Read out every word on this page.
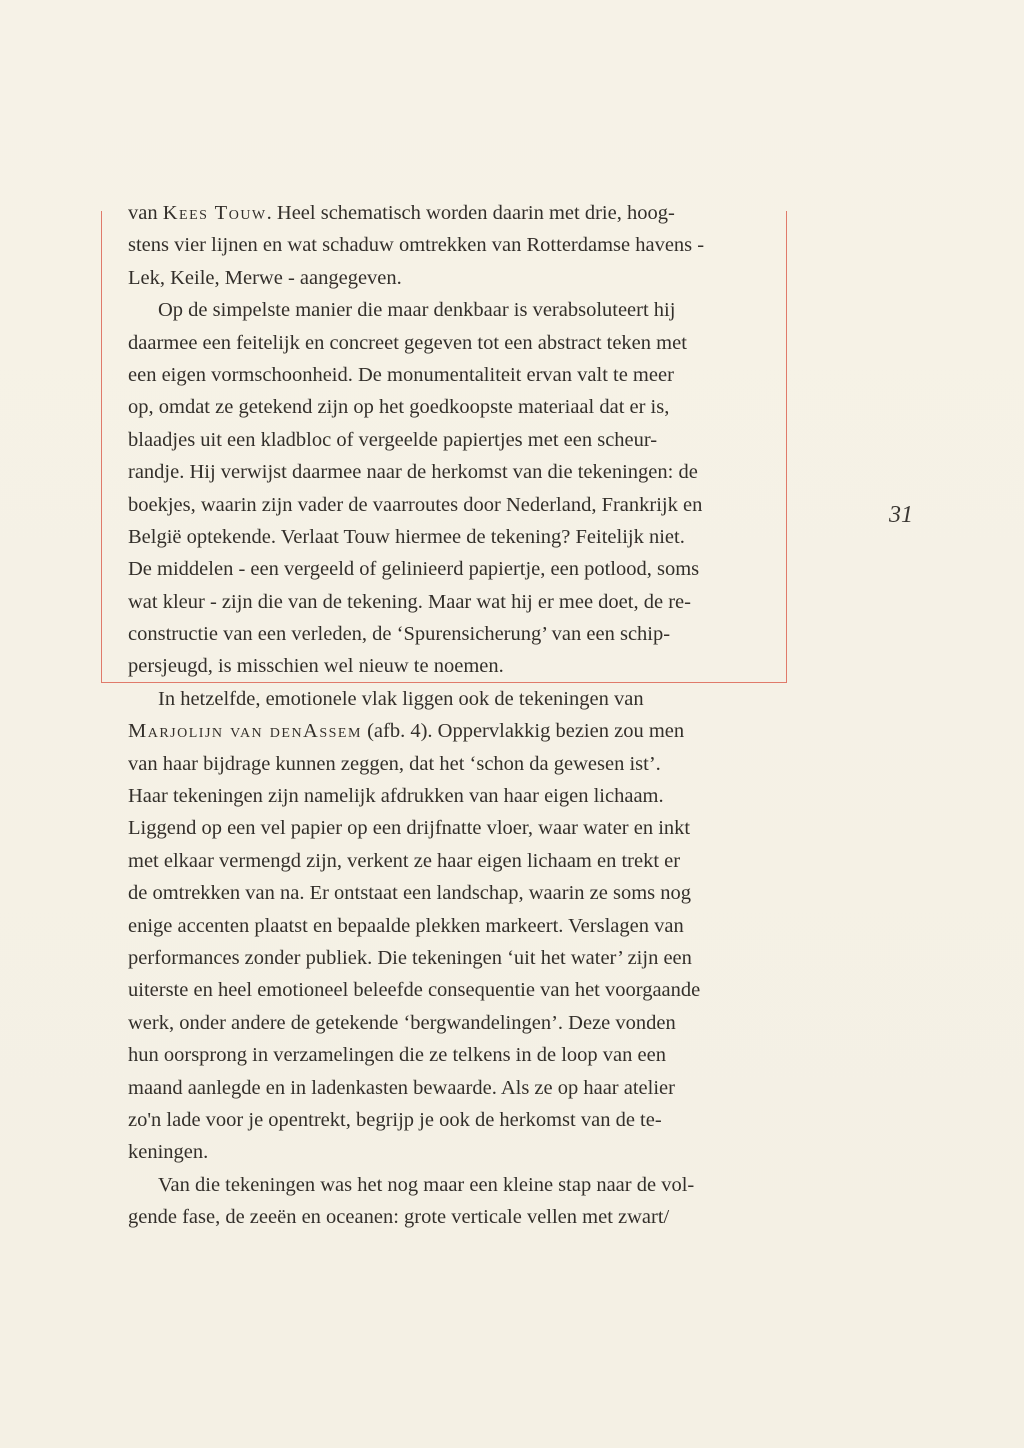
van Kees Touw. Heel schematisch worden daarin met drie, hoog-
stens vier lijnen en wat schaduw omtrekken van Rotterdamse havens -
Lek, Keile, Merwe - aangegeven.
Op de simpelste manier die maar denkbaar is verabsoluteert hij
daarmee een feitelijk en concreet gegeven tot een abstract teken met
een eigen vormschoonheid. De monumentaliteit ervan valt te meer
op, omdat ze getekend zijn op het goedkoopste materiaal dat er is,
blaadjes uit een kladbloc of vergeelde papiertjes met een scheur-
randje. Hij verwijst daarmee naar de herkomst van die tekeningen: de
boekjes, waarin zijn vader de vaarroutes door Nederland, Frankrijk en
België optekende. Verlaat Touw hiermee de tekening? Feitelijk niet.
De middelen - een vergeeld of gelinieerd papiertje, een potlood, soms
wat kleur - zijn die van de tekening. Maar wat hij er mee doet, de re-
constructie van een verleden, de ‘Spurensicherung’ van een schip-
persjeugd, is misschien wel nieuw te noemen.
In hetzelfde, emotionele vlak liggen ook de tekeningen van
Marjolijn van denAssem (afb. 4). Oppervlakkig bezien zou men
van haar bijdrage kunnen zeggen, dat het ‘schon da gewesen ist’.
Haar tekeningen zijn namelijk afdrukken van haar eigen lichaam.
Liggend op een vel papier op een drijfnatte vloer, waar water en inkt
met elkaar vermengd zijn, verkent ze haar eigen lichaam en trekt er
de omtrekken van na. Er ontstaat een landschap, waarin ze soms nog
enige accenten plaatst en bepaalde plekken markeert. Verslagen van
performances zonder publiek. Die tekeningen ‘uit het water’ zijn een
uiterste en heel emotioneel beleefde consequentie van het voorgaande
werk, onder andere de getekende ‘bergwandelingen’. Deze vonden
hun oorsprong in verzamelingen die ze telkens in de loop van een
maand aanlegde en in ladenkasten bewaarde. Als ze op haar atelier
zo'n lade voor je opentrekt, begrijp je ook de herkomst van de te-
keningen.
Van die tekeningen was het nog maar een kleine stap naar de vol-
gende fase, de zeeën en oceanen: grote verticale vellen met zwart/
31
